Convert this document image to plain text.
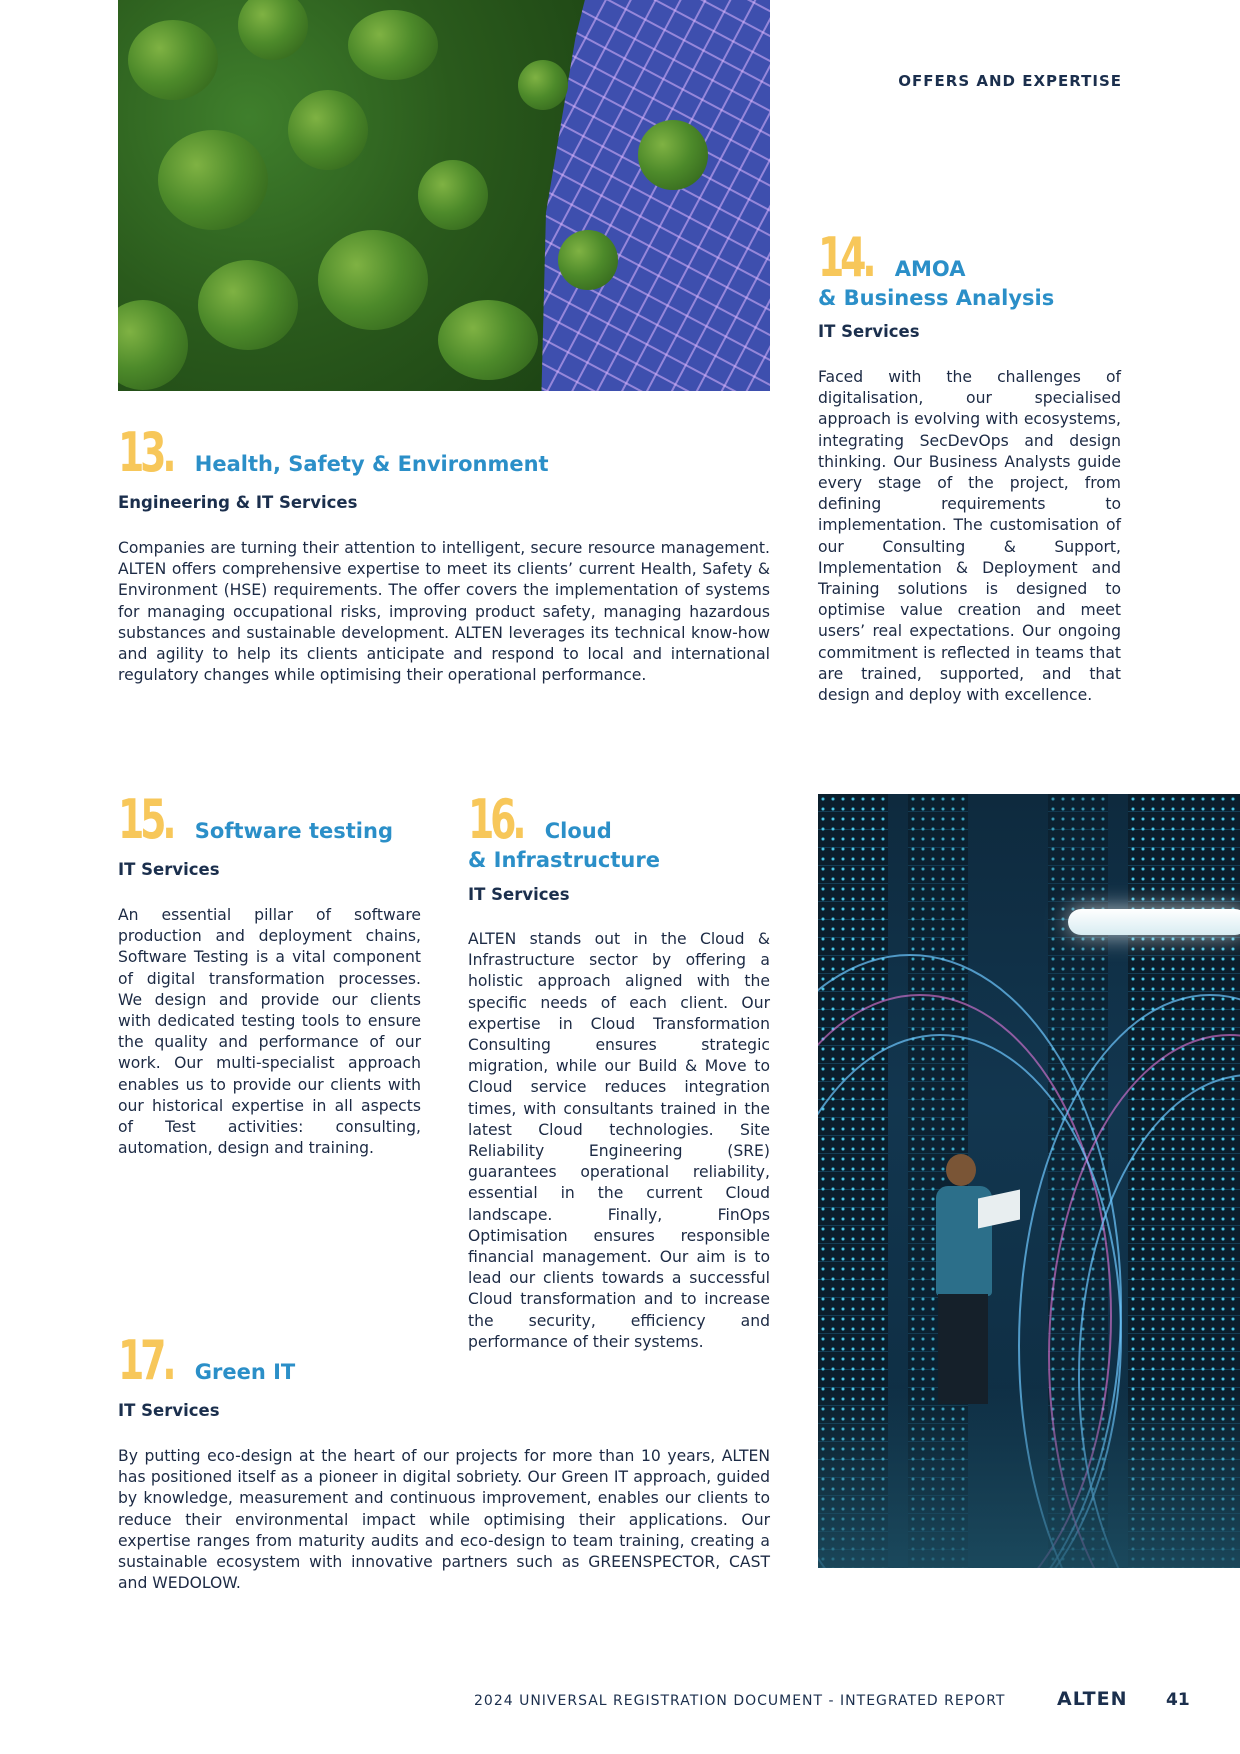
OFFERS AND EXPERTISE
13. Health, Safety & Environment
Engineering & IT Services
Companies are turning their attention to intelligent, secure resource management. ALTEN offers comprehensive expertise to meet its clients’ current Health, Safety & Environment (HSE) requirements. The offer covers the implementation of systems for managing occupational risks, improving product safety, managing hazardous substances and sustainable development. ALTEN leverages its technical know-how and agility to help its clients anticipate and respond to local and international regulatory changes while optimising their operational performance.
14. AMOA
& Business Analysis
IT Services
Faced with the challenges of digitalisation, our specialised approach is evolving with ecosystems, integrating SecDevOps and design thinking. Our Business Analysts guide every stage of the project, from defining requirements to implementation. The customisation of our Consulting & Support, Implementation & Deployment and Training solutions is designed to optimise value creation and meet users’ real expectations. Our ongoing commitment is reflected in teams that are trained, supported, and that design and deploy with excellence.
15. Software testing
IT Services
An essential pillar of software production and deployment chains, Software Testing is a vital component of digital transformation processes. We design and provide our clients with dedicated testing tools to ensure the quality and performance of our work. Our multi-specialist approach enables us to provide our clients with our historical expertise in all aspects of Test activities: consulting, automation, design and training.
16. Cloud
& Infrastructure
IT Services
ALTEN stands out in the Cloud & Infrastructure sector by offering a holistic approach aligned with the specific needs of each client. Our expertise in Cloud Transformation Consulting ensures strategic migration, while our Build & Move to Cloud service reduces integration times, with consultants trained in the latest Cloud technologies. Site Reliability Engineering (SRE) guarantees operational reliability, essential in the current Cloud landscape. Finally, FinOps Optimisation ensures responsible financial management. Our aim is to lead our clients towards a successful Cloud transformation and to increase the security, efficiency and performance of their systems.
17. Green IT
IT Services
By putting eco-design at the heart of our projects for more than 10 years, ALTEN has positioned itself as a pioneer in digital sobriety. Our Green IT approach, guided by knowledge, measurement and continuous improvement, enables our clients to reduce their environmental impact while optimising their applications. Our expertise ranges from maturity audits and eco-design to team training, creating a sustainable ecosystem with innovative partners such as GREENSPECTOR, CAST and WEDOLOW.
2024 UNIVERSAL REGISTRATION DOCUMENT - INTEGRATED REPORT	ALTEN 41
